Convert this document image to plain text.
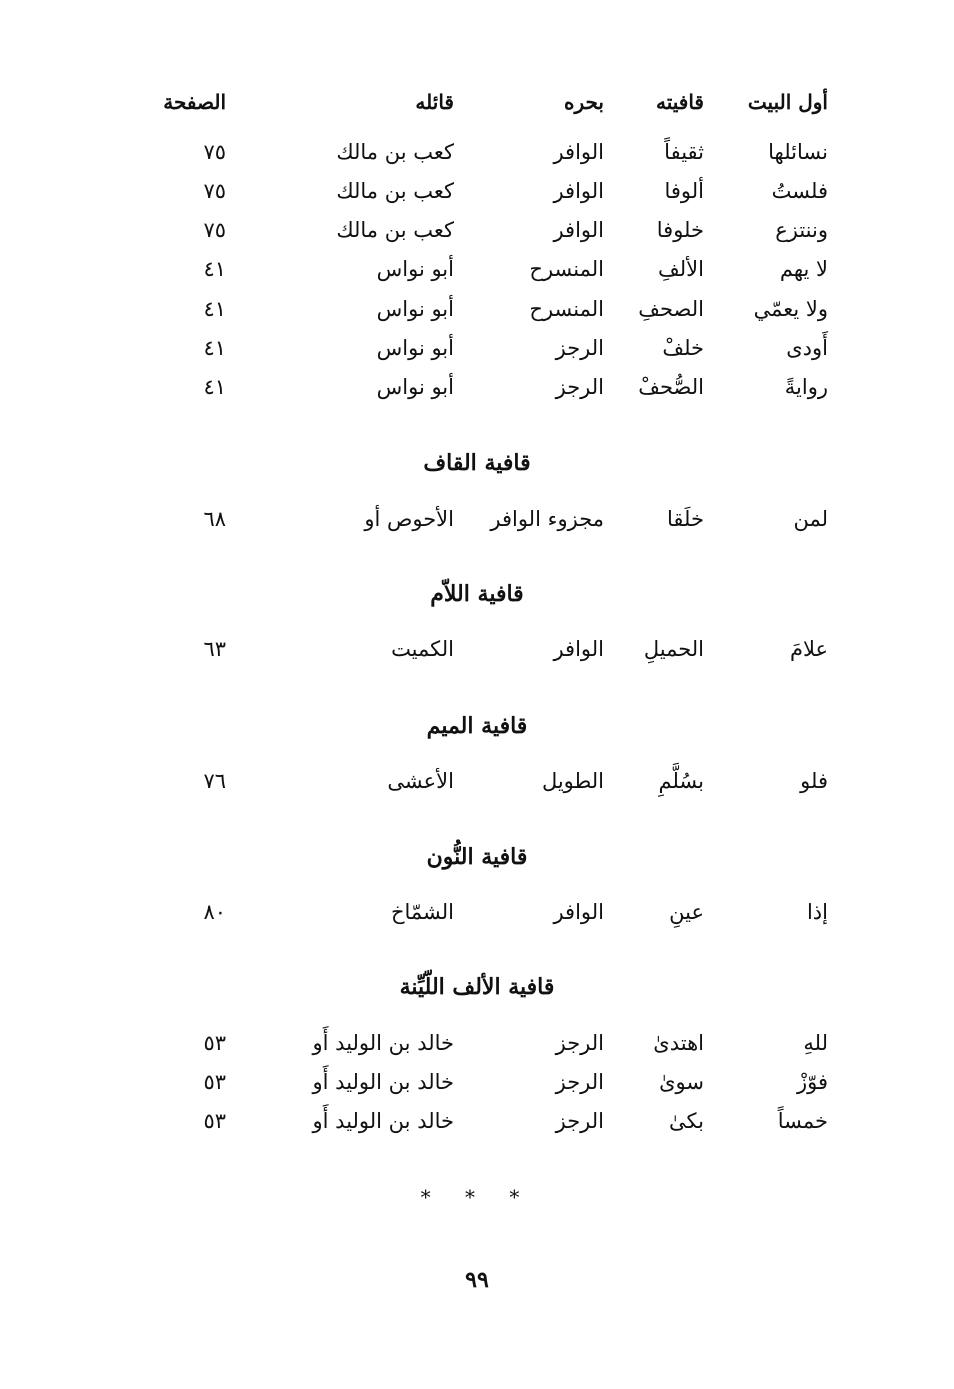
أول البيت
قافيته
بحره
قائله
الصفحة
نسائلها
ثقيفاً
الوافر
كعب بن مالك
٧٥
فلستُ
ألوفا
الوافر
كعب بن مالك
٧٥
وننتزع
خلوفا
الوافر
كعب بن مالك
٧٥
لا يهم
الألفِ
المنسرح
أبو نواس
٤١
ولا يعمّي
الصحفِ
المنسرح
أبو نواس
٤١
أَودى
خلفْ
الرجز
أبو نواس
٤١
روايةً
الصُّحفْ
الرجز
أبو نواس
٤١
قافية القاف
لمن
خلَقا
مجزوء الوافر
الأحوص أو
٦٨
قافية اللاّم
علامَ
الحميلِ
الوافر
الكميت
٦٣
قافية الميم
فلو
بسُلَّمِ
الطويل
الأعشى
٧٦
قافية النُّون
إذا
عينِ
الوافر
الشمّاخ
٨٠
قافية الألف اللّيِّنة
للهِ
اهتدىٰ
الرجز
خالد بن الوليد أَو
٥٣
فوّزْ
سوىٰ
الرجز
خالد بن الوليد أَو
٥٣
خمساً
بكىٰ
الرجز
خالد بن الوليد أَو
٥٣
* * *
٩٩
